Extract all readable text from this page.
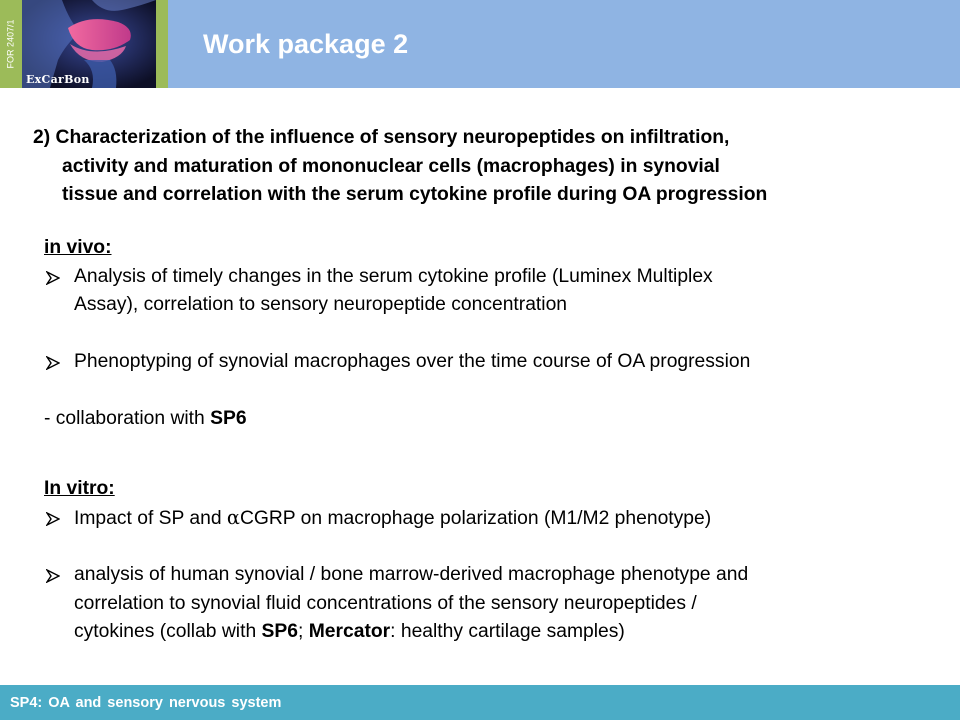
FOR 2407/1
ExCarBon
Work package 2
2) Characterization of the influence of sensory neuropeptides on infiltration,
activity and maturation of mononuclear cells (macrophages) in synovial
tissue and correlation with the serum cytokine profile during OA progression
in vivo:
Analysis of timely changes in the serum cytokine profile (Luminex Multiplex
Assay), correlation to sensory neuropeptide concentration
Phenoptyping of synovial macrophages over the time course of OA progression
- collaboration with SP6
In vitro:
Impact of SP and αCGRP on macrophage polarization (M1/M2 phenotype)
analysis of human synovial / bone marrow-derived macrophage phenotype and
correlation to synovial fluid concentrations of the sensory neuropeptides /
cytokines (collab with SP6; Mercator: healthy cartilage samples)
SP4: OA and sensory nervous system
